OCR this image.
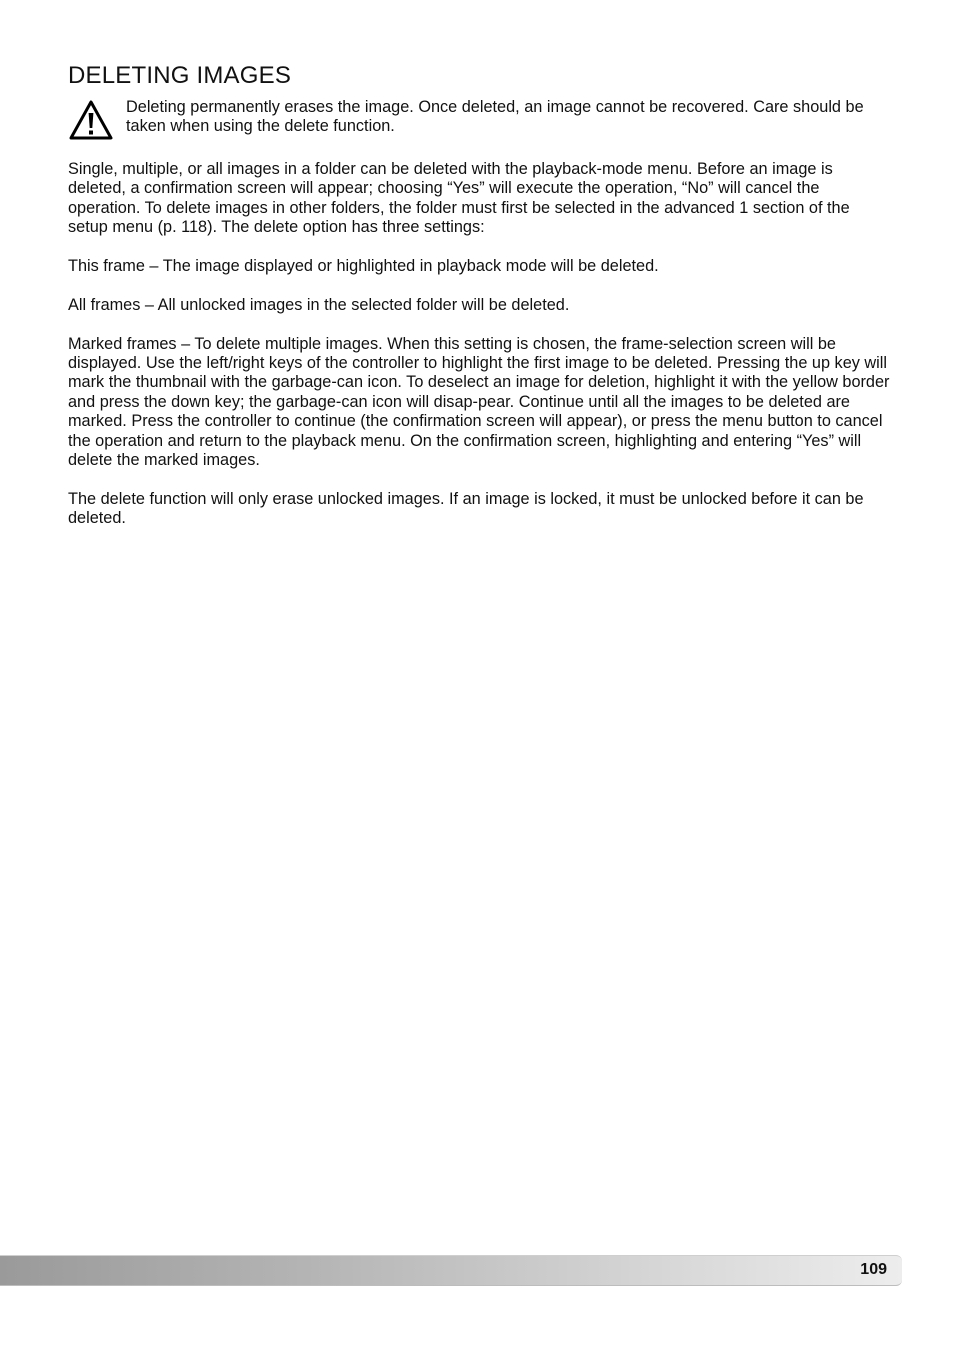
DELETING IMAGES

Deleting permanently erases the image. Once deleted, an image cannot be recovered. Care should be taken when using the delete function.

Single, multiple, or all images in a folder can be deleted with the playback-mode menu. Before an image is deleted, a confirmation screen will appear; choosing “Yes” will execute the operation, “No” will cancel the operation. To delete images in other folders, the folder must first be selected in the advanced 1 section of the setup menu (p. 118). The delete option has three settings:

This frame – The image displayed or highlighted in playback mode will be deleted.

All frames – All unlocked images in the selected folder will be deleted.

Marked frames – To delete multiple images. When this setting is chosen, the frame-selection screen will be displayed. Use the left/right keys of the controller to highlight the first image to be deleted. Pressing the up key will mark the thumbnail with the garbage-can icon. To deselect an image for deletion, highlight it with the yellow border and press the down key; the garbage-can icon will disap-pear. Continue until all the images to be deleted are marked. Press the controller to continue (the confirmation screen will appear), or press the menu button to cancel the operation and return to the playback menu. On the confirmation screen, highlighting and entering “Yes” will delete the marked images.

The delete function will only erase unlocked images. If an image is locked, it must be unlocked before it can be deleted.

109
